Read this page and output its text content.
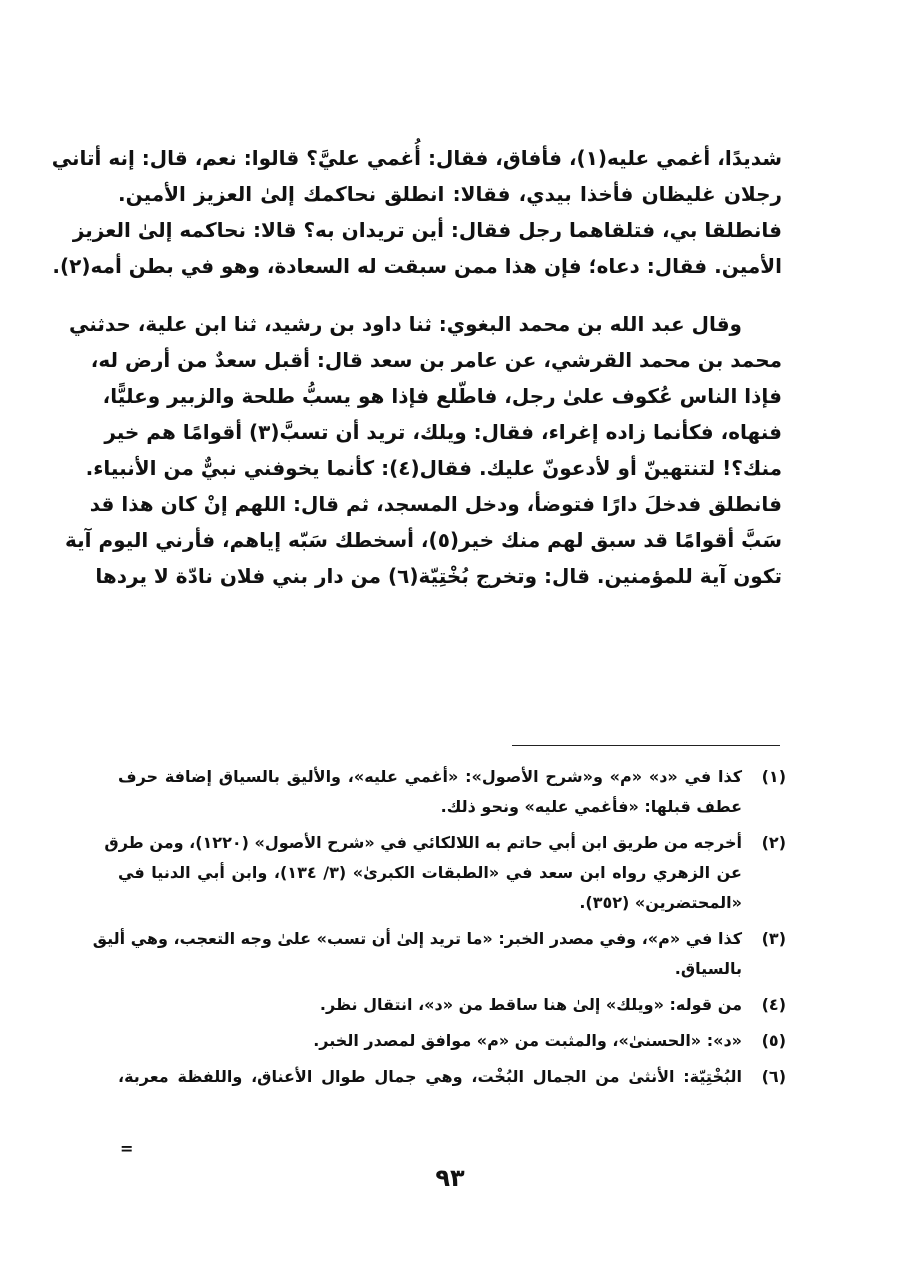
شديدًا، أغمي عليه(١)، فأفاق، فقال: أُغمي عليَّ؟ قالوا: نعم، قال: إنه أتاني
رجلان غليظان فأخذا بيدي، فقالا: انطلق نحاكمك إلىٰ العزيز الأمين.
فانطلقا بي، فتلقاهما رجل فقال: أين تريدان به؟ قالا: نحاكمه إلىٰ العزيز
الأمين. فقال: دعاه؛ فإن هذا ممن سبقت له السعادة، وهو في بطن أمه(٢).

وقال عبد الله بن محمد البغوي: ثنا داود بن رشيد، ثنا ابن علية، حدثني
محمد بن محمد القرشي، عن عامر بن سعد قال: أقبل سعدٌ من أرض له،
فإذا الناس عُكوف علىٰ رجل، فاطّلع فإذا هو يسبُّ طلحة والزبير وعليًّا،
فنهاه، فكأنما زاده إغراء، فقال: ويلك، تريد أن تسبَّ(٣) أقوامًا هم خير
منك؟! لتنتهينّ أو لأدعونّ عليك. فقال(٤): كأنما يخوفني نبيٌّ من الأنبياء.
فانطلق فدخلَ دارًا فتوضأ، ودخل المسجد، ثم قال: اللهم إنْ كان هذا قد
سَبَّ أقوامًا قد سبق لهم منك خير(٥)، أسخطك سَبّه إياهم، فأرني اليوم آية
تكون آية للمؤمنين. قال: وتخرج بُخْتِيّة(٦) من دار بني فلان نادّة لا يردها

(١)
كذا في «د» «م» و«شرح الأصول»: «أغمي عليه»، والأليق بالسياق إضافة حرف
عطف قبلها: «فأغمي عليه» ونحو ذلك.
(٢)
أخرجه من طريق ابن أبي حاتم به اللالكائي في «شرح الأصول» (١٢٢٠)، ومن طرق
عن الزهري رواه ابن سعد في «الطبقات الكبرىٰ» (٣/ ١٣٤)، وابن أبي الدنيا في
«المحتضرين» (٣٥٢).
(٣)
كذا في «م»، وفي مصدر الخبر: «ما تريد إلىٰ أن تسب» علىٰ وجه التعجب، وهي أليق
بالسياق.
(٤)
من قوله: «ويلك» إلىٰ هنا ساقط من «د»، انتقال نظر.
(٥)
«د»: «الحسنىٰ»، والمثبت من «م» موافق لمصدر الخبر.
(٦)
البُخْتِيّة: الأنثىٰ من الجمال البُخْت، وهي جمال طوال الأعناق، واللفظة معربة،
=
٩٣
